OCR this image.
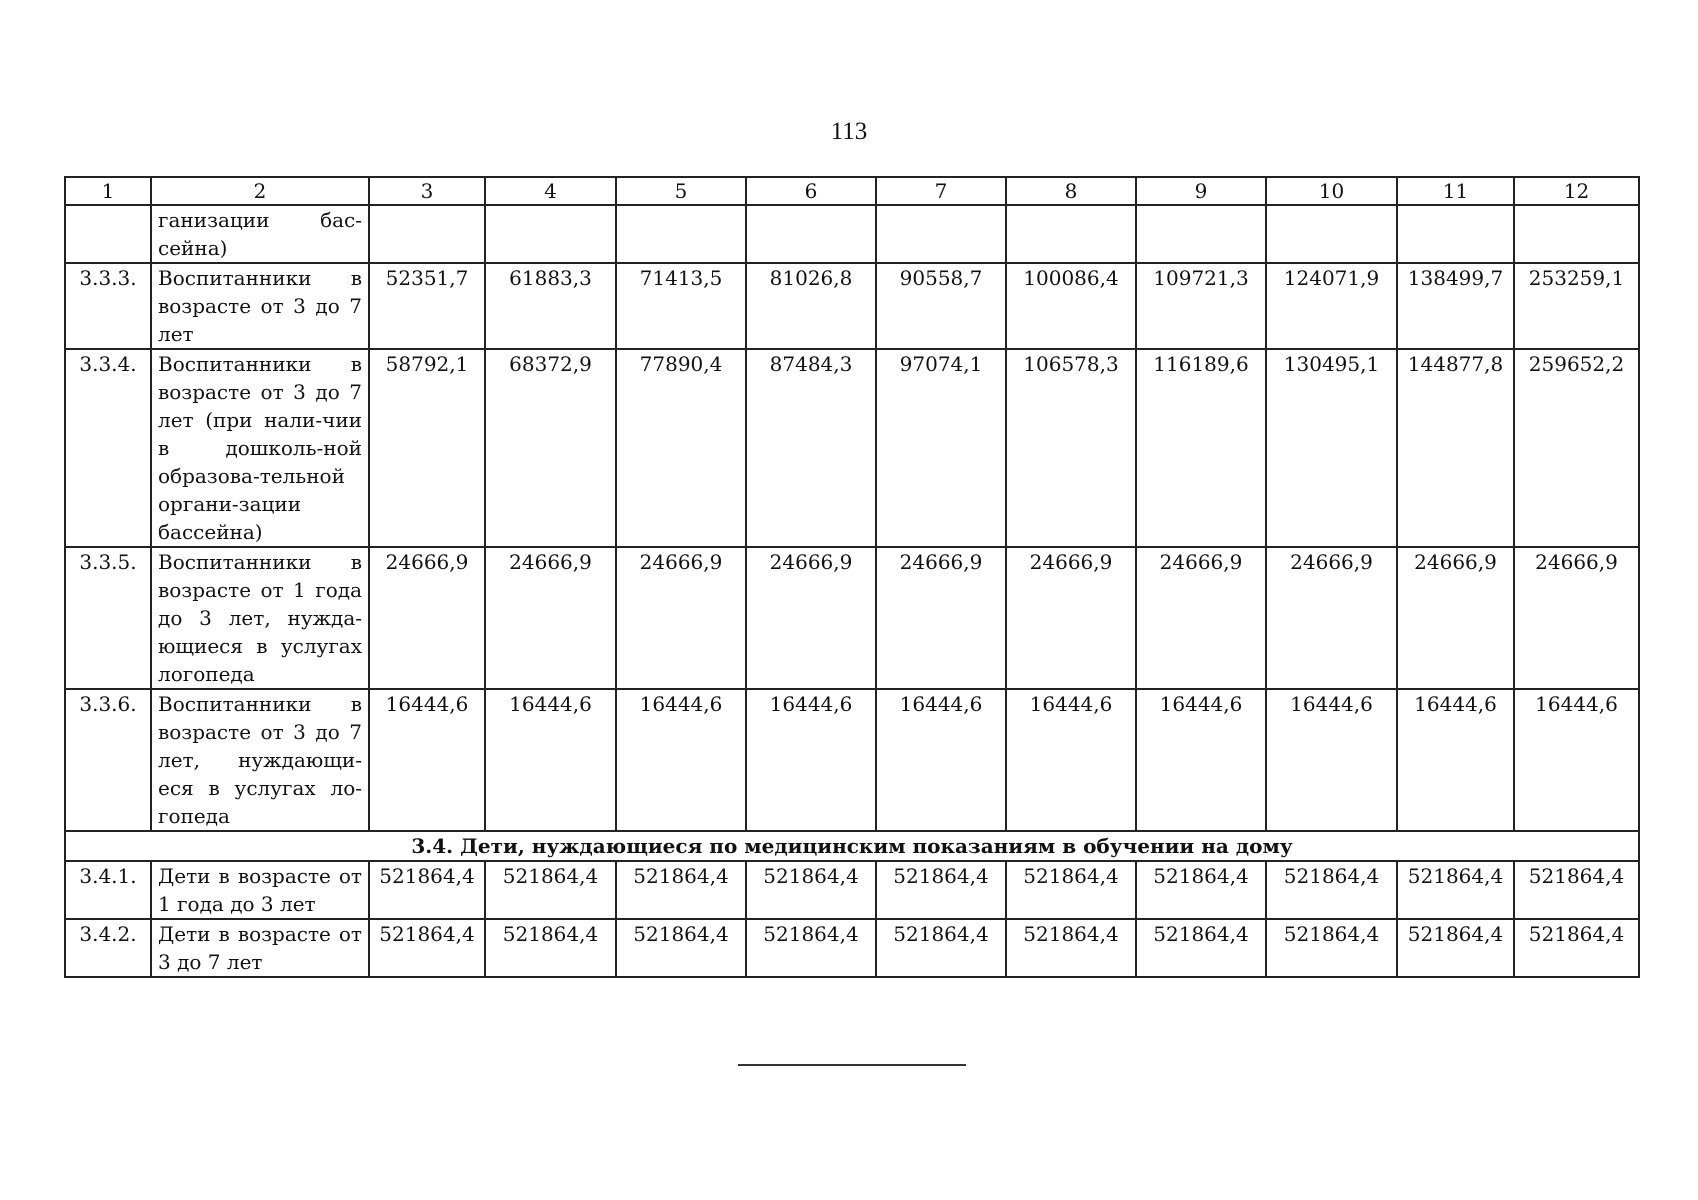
113
1	2	3	4	5	6	7	8	9	10	11	12
	ганизации бас-сейна)										
3.3.3.	Воспитанники в возрасте от 3 до 7 лет	52351,7	61883,3	71413,5	81026,8	90558,7	100086,4	109721,3	124071,9	138499,7	253259,1
3.3.4.	Воспитанники в возрасте от 3 до 7 лет (при нали-чии в дошколь-ной образова-тельной органи-зации бассейна)	58792,1	68372,9	77890,4	87484,3	97074,1	106578,3	116189,6	130495,1	144877,8	259652,2
3.3.5.	Воспитанники в возрасте от 1 года до 3 лет, нужда-ющиеся в услугах логопеда	24666,9	24666,9	24666,9	24666,9	24666,9	24666,9	24666,9	24666,9	24666,9	24666,9
3.3.6.	Воспитанники в возрасте от 3 до 7 лет, нуждающи-еся в услугах ло-гопеда	16444,6	16444,6	16444,6	16444,6	16444,6	16444,6	16444,6	16444,6	16444,6	16444,6
3.4. Дети, нуждающиеся по медицинским показаниям в обучении на дому											
3.4.1.	Дети в возрасте от 1 года до 3 лет	521864,4	521864,4	521864,4	521864,4	521864,4	521864,4	521864,4	521864,4	521864,4	521864,4
3.4.2.	Дети в возрасте от 3 до 7 лет	521864,4	521864,4	521864,4	521864,4	521864,4	521864,4	521864,4	521864,4	521864,4	521864,4
